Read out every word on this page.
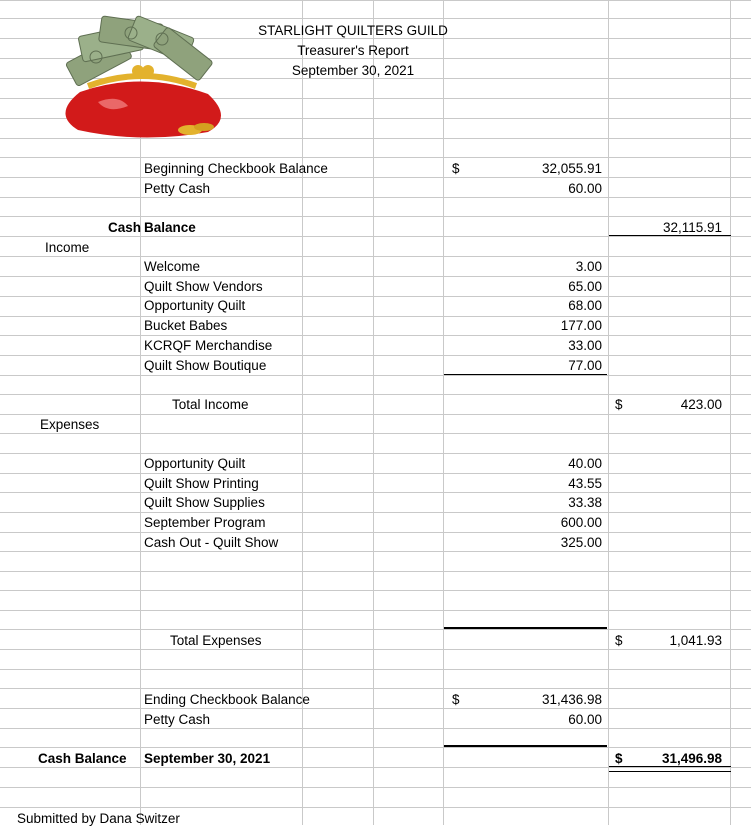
STARLIGHT QUILTERS GUILD
Treasurer's Report
September 30, 2021
Beginning Checkbook Balance	$	32,055.91
Petty Cash	60.00
Cash Balance	32,115.91
Income
Welcome	3.00
Quilt Show Vendors	65.00
Opportunity Quilt	68.00
Bucket Babes	177.00
KCRQF Merchandise	33.00
Quilt Show Boutique	77.00
Total Income	$	423.00
Expenses
Opportunity Quilt	40.00
Quilt Show Printing	43.55
Quilt Show Supplies	33.38
September Program	600.00
Cash Out - Quilt Show	325.00
Total Expenses	$	1,041.93
Ending Checkbook Balance	$	31,436.98
Petty Cash	60.00
Cash Balance September 30, 2021	$	31,496.98
Submitted by Dana Switzer
